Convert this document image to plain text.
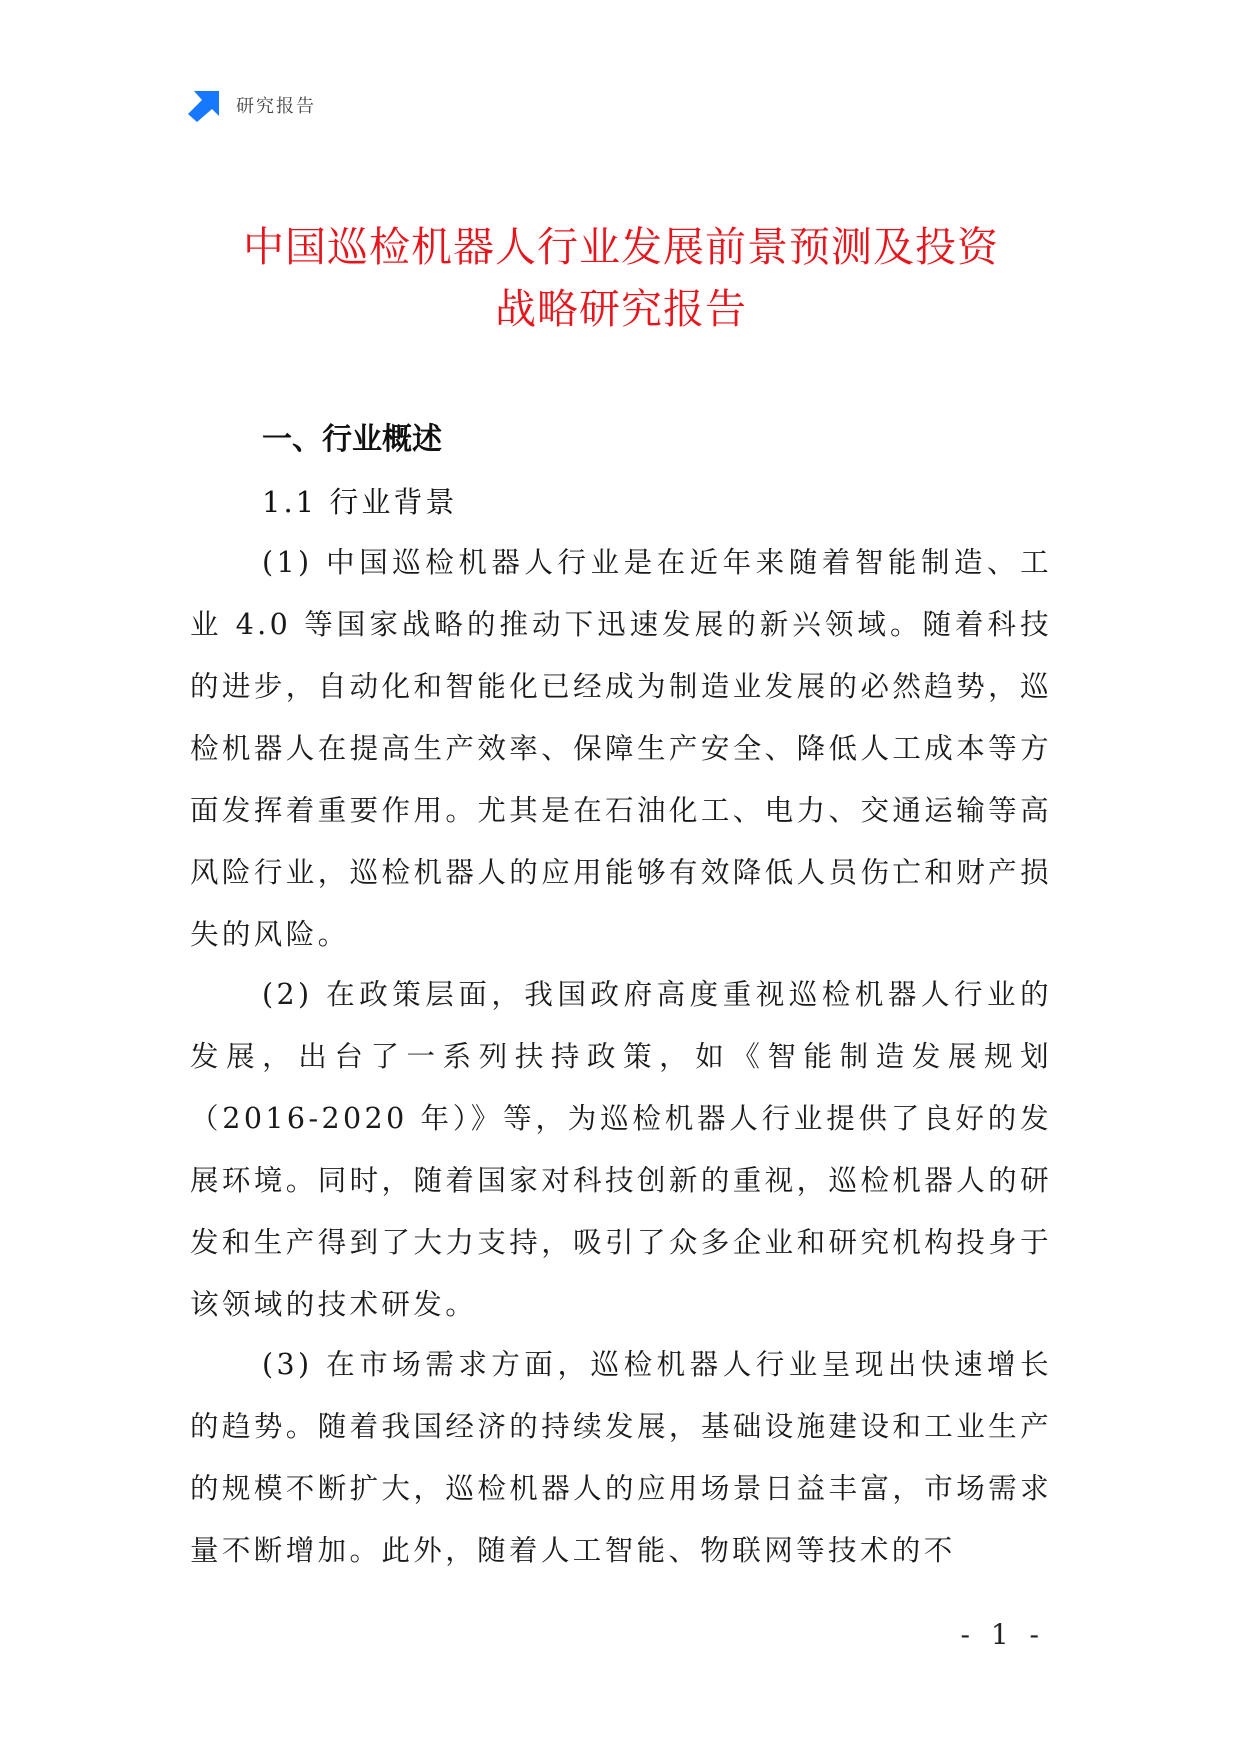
研究报告
中国巡检机器人行业发展前景预测及投资
战略研究报告
一、行业概述
1.1 行业背景

(1) 中国巡检机器人行业是在近年来随着智能制造、工业 4.0 等国家战略的推动下迅速发展的新兴领域。随着科技的进步，自动化和智能化已经成为制造业发展的必然趋势，巡检机器人在提高生产效率、保障生产安全、降低人工成本等方面发挥着重要作用。尤其是在石油化工、电力、交通运输等高风险行业，巡检机器人的应用能够有效降低人员伤亡和财产损失的风险。

(2) 在政策层面，我国政府高度重视巡检机器人行业的发展，出台了一系列扶持政策，如《智能制造发展规划（2016-2020 年）》等，为巡检机器人行业提供了良好的发展环境。同时，随着国家对科技创新的重视，巡检机器人的研发和生产得到了大力支持，吸引了众多企业和研究机构投身于该领域的技术研发。

(3) 在市场需求方面，巡检机器人行业呈现出快速增长的趋势。随着我国经济的持续发展，基础设施建设和工业生产的规模不断扩大，巡检机器人的应用场景日益丰富，市场需求量不断增加。此外，随着人工智能、物联网等技术的不

- 1 -
